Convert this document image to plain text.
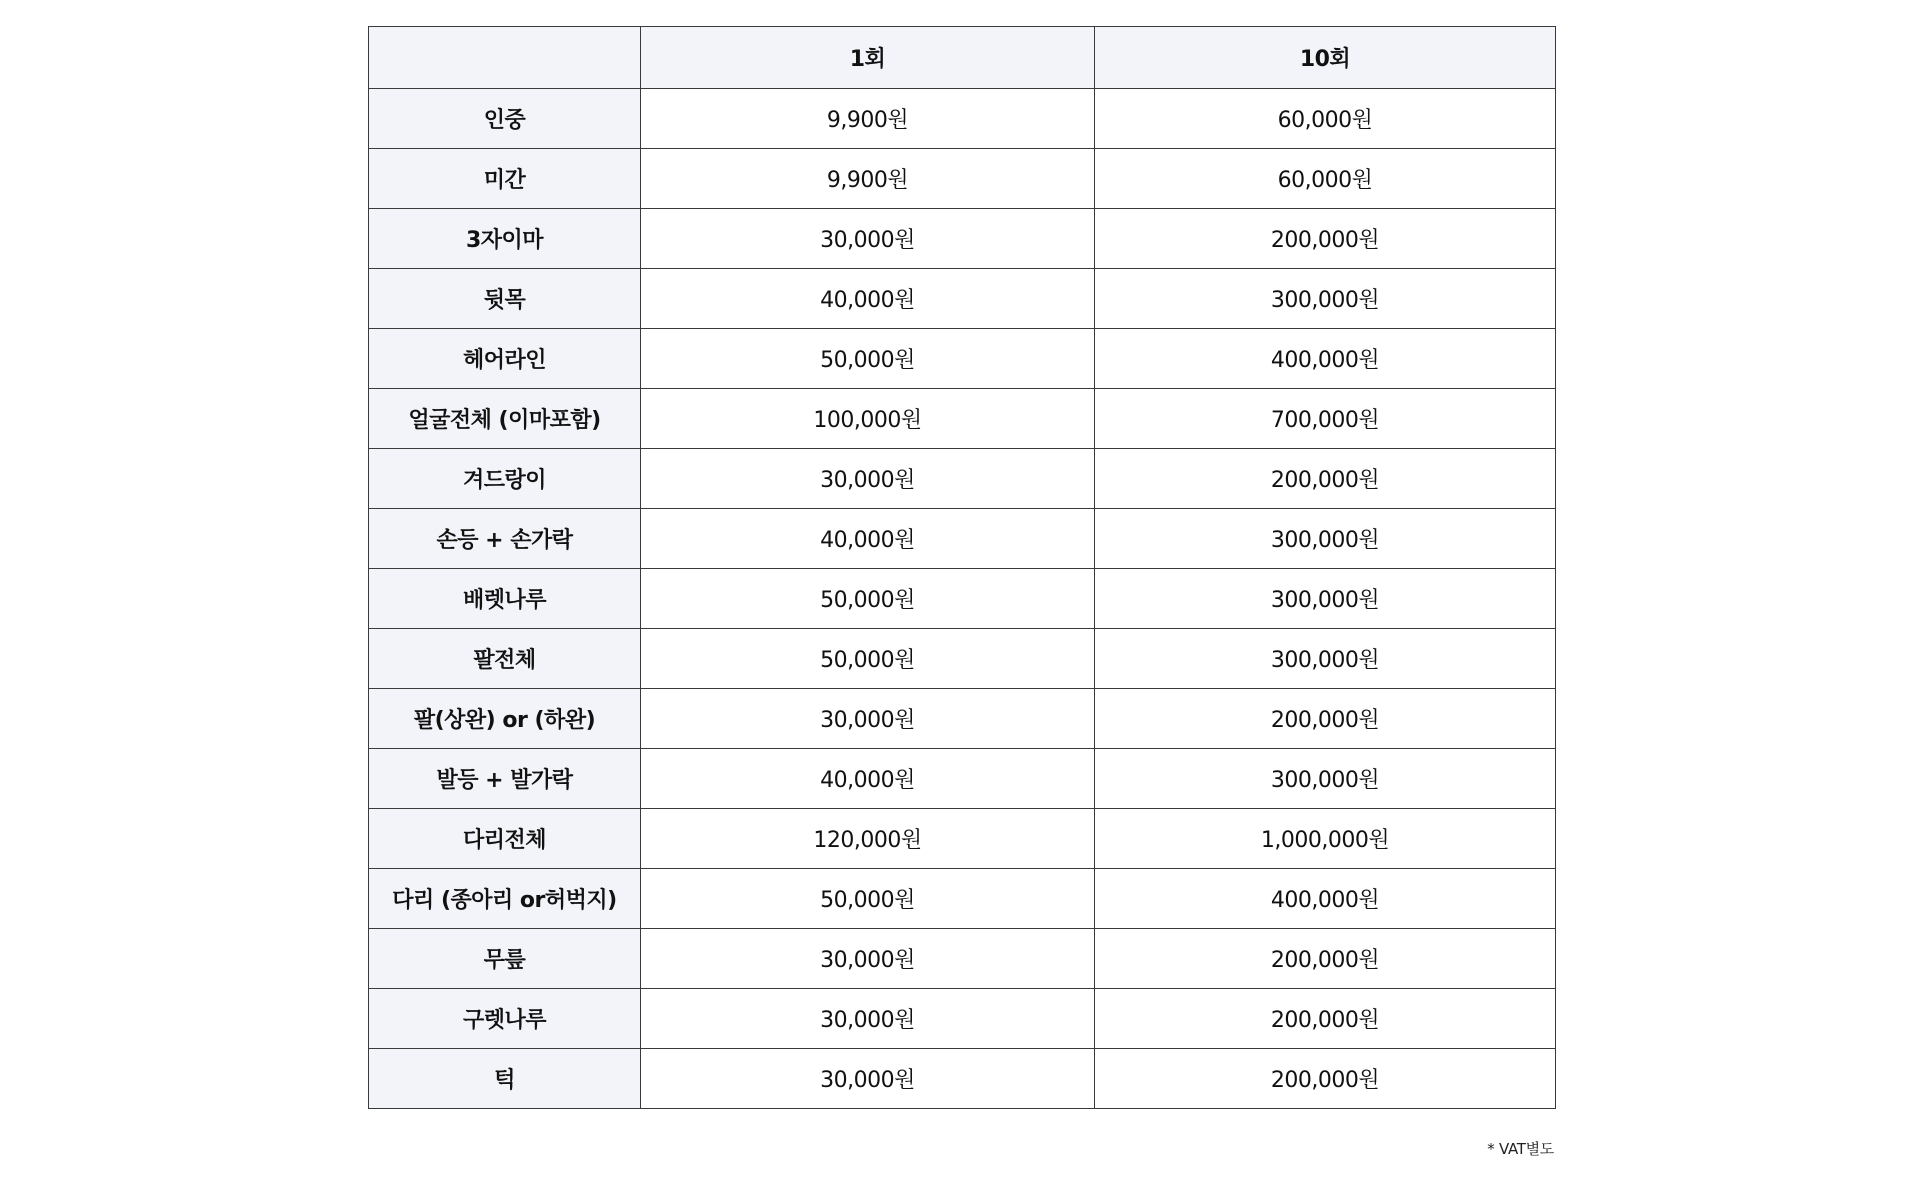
	1회	10회
인중	9,900원	60,000원
미간	9,900원	60,000원
3자이마	30,000원	200,000원
뒷목	40,000원	300,000원
헤어라인	50,000원	400,000원
얼굴전체 (이마포함)	100,000원	700,000원
겨드랑이	30,000원	200,000원
손등 + 손가락	40,000원	300,000원
배렛나루	50,000원	300,000원
팔전체	50,000원	300,000원
팔(상완) or (하완)	30,000원	200,000원
발등 + 발가락	40,000원	300,000원
다리전체	120,000원	1,000,000원
다리 (종아리 or허벅지)	50,000원	400,000원
무릎	30,000원	200,000원
구렛나루	30,000원	200,000원
턱	30,000원	200,000원
* VAT별도
